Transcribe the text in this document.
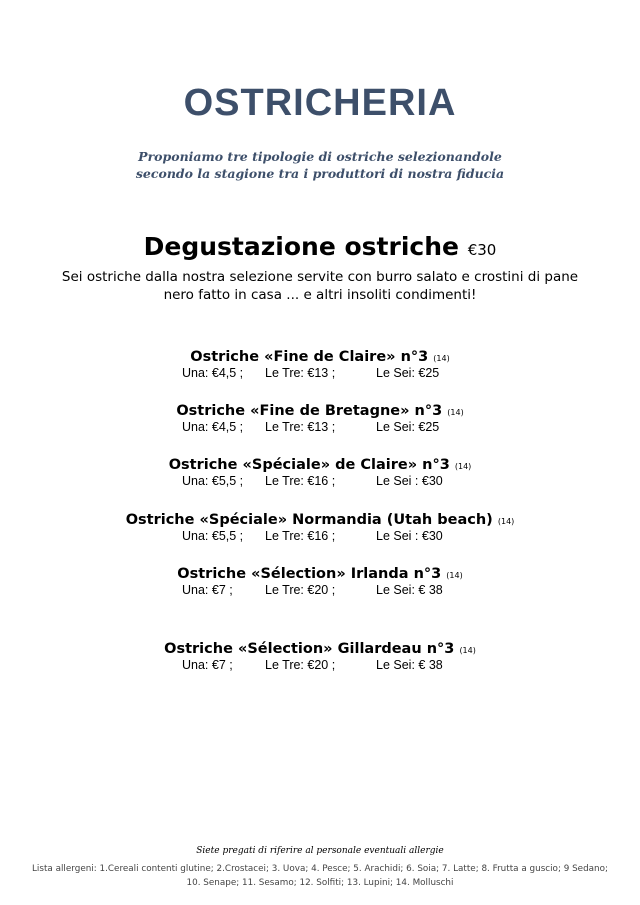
OSTRICHERIA
Proponiamo tre tipologie di ostriche selezionandole
secondo la stagione tra i produttori di nostra fiducia
Degustazione ostriche €30
Sei ostriche dalla nostra selezione servite con burro salato e crostini di pane nero fatto in casa ... e altri insoliti condimenti!
Ostriche «Fine de Claire» n°3 (14)
Una: €4,5 ; Le Tre: €13 ;	Le Sei: €25
Ostriche «Fine de Bretagne» n°3 (14)
Una: €4,5 ; Le Tre: €13 ;	Le Sei: €25
Ostriche «Spéciale» de Claire» n°3 (14)
Una: €5,5 ; Le Tre: €16 ;	Le Sei : €30
Ostriche «Spéciale» Normandia (Utah beach) (14)
Una: €5,5 ; Le Tre: €16 ;	Le Sei : €30
Ostriche «Sélection» Irlanda n°3 (14)
Una: €7 ;	Le Tre: €20 ;	Le Sei: € 38
Ostriche «Sélection» Gillardeau n°3 (14)
Una: €7 ;	Le Tre: €20 ;	Le Sei: € 38
Siete pregati di riferire al personale eventuali allergie
Lista allergeni: 1.Cereali contenti glutine; 2.Crostacei; 3. Uova; 4. Pesce; 5. Arachidi; 6. Soia; 7. Latte; 8. Frutta a guscio; 9 Sedano;
10. Senape; 11. Sesamo; 12. Solfiti; 13. Lupini; 14. Molluschi
